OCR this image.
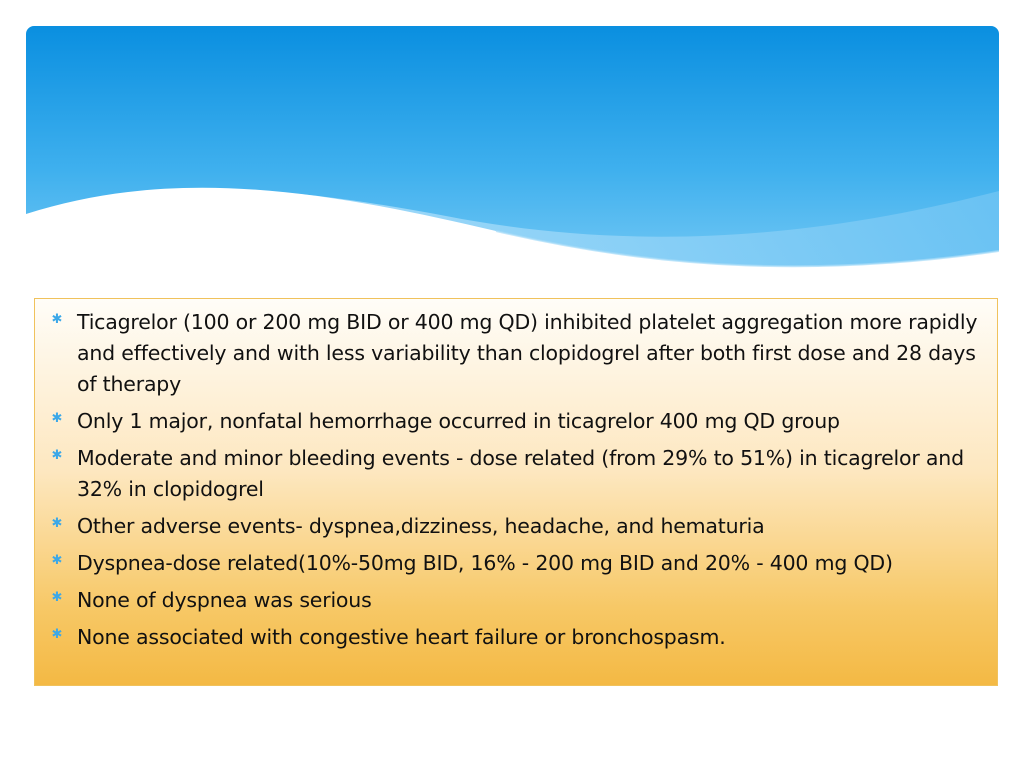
✱ Ticagrelor (100 or 200 mg BID or 400 mg QD) inhibited platelet aggregation more rapidly and effectively and with less variability than clopidogrel after both first dose and 28 days of therapy
✱ Only 1 major, nonfatal hemorrhage occurred in ticagrelor 400 mg QD group
✱ Moderate and minor bleeding events - dose related (from 29% to 51%) in ticagrelor and 32% in clopidogrel
✱ Other adverse events- dyspnea,dizziness, headache, and hematuria
✱ Dyspnea-dose related(10%-50mg BID, 16% - 200 mg BID and 20% - 400 mg QD)
✱ None of dyspnea was serious
✱ None associated with congestive heart failure or bronchospasm.
